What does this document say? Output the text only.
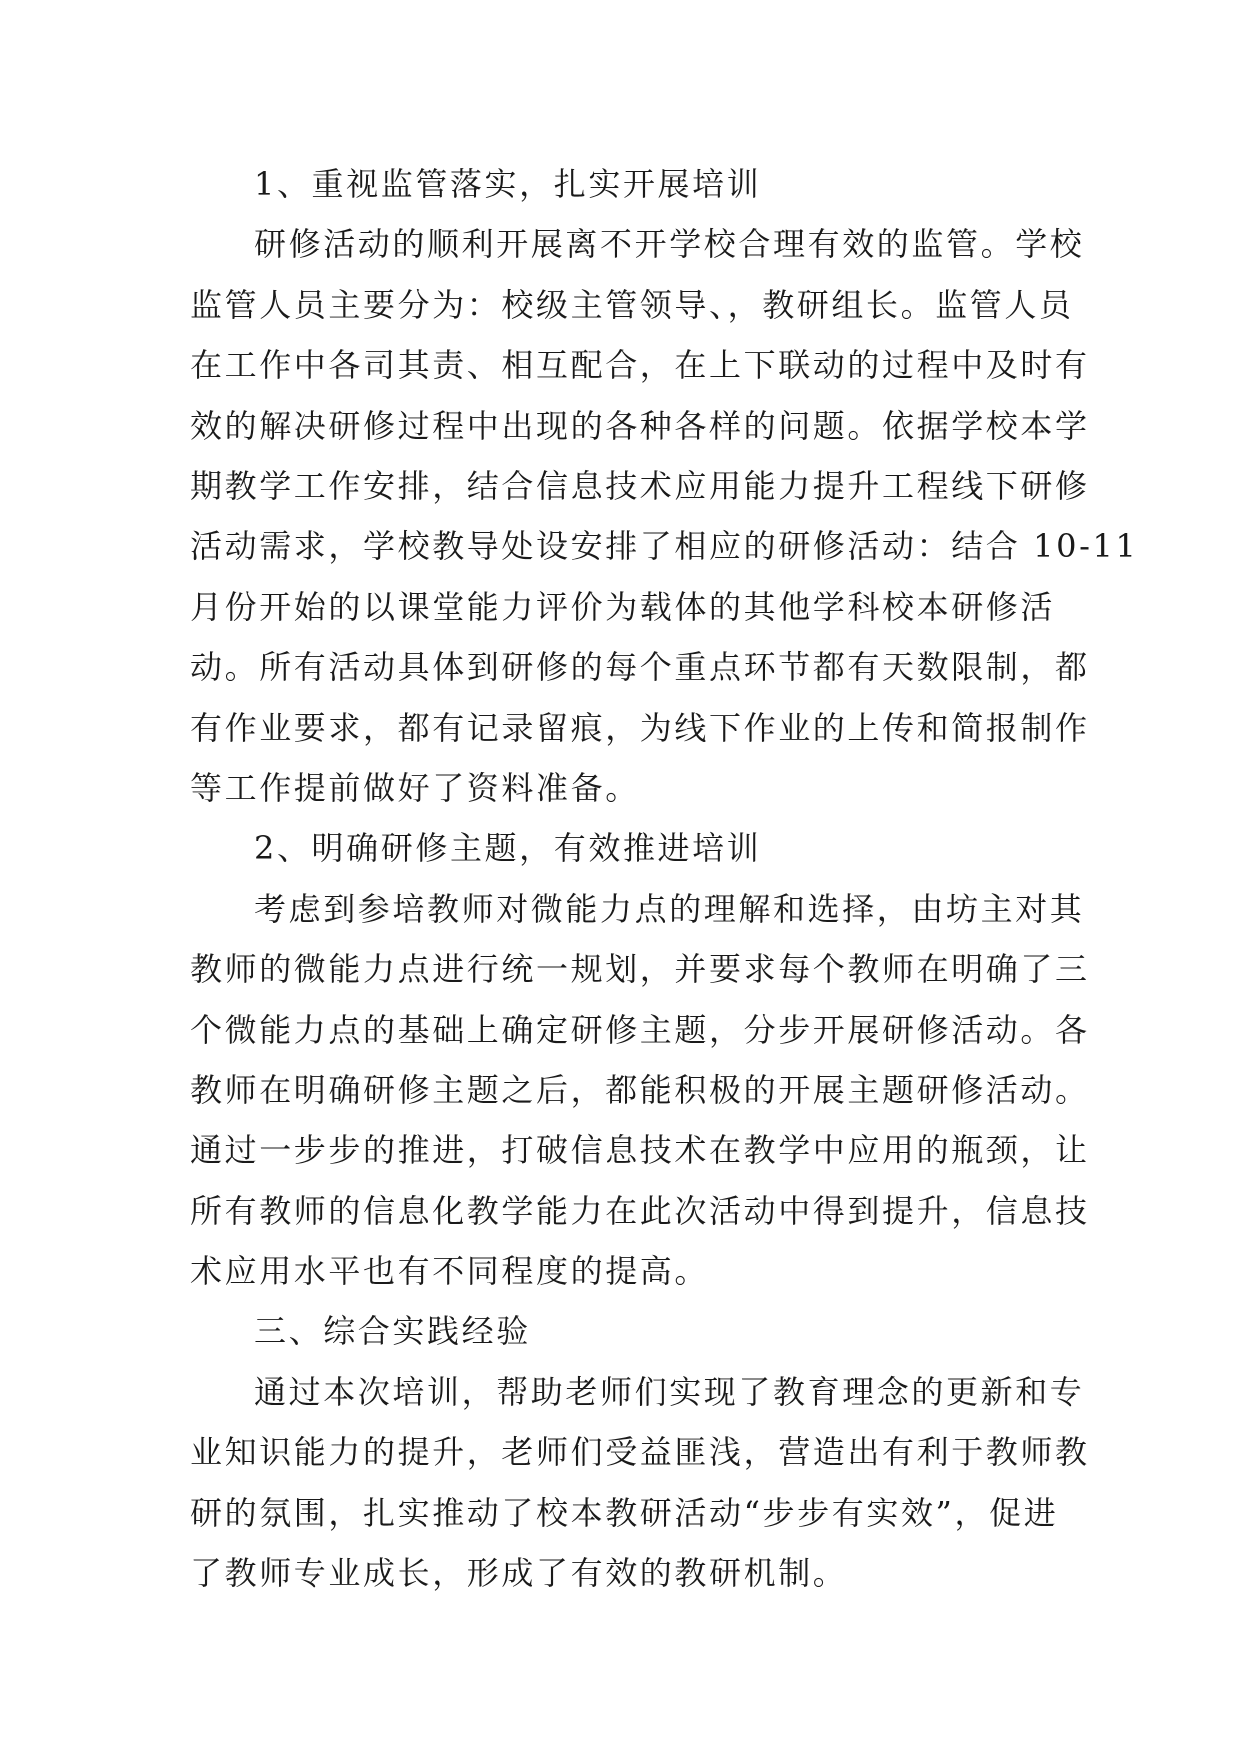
1、重视监管落实，扎实开展培训

研修活动的顺利开展离不开学校合理有效的监管。学校
监管人员主要分为：校级主管领导、，教研组长。监管人员
在工作中各司其责、相互配合，在上下联动的过程中及时有
效的解决研修过程中出现的各种各样的问题。依据学校本学
期教学工作安排，结合信息技术应用能力提升工程线下研修
活动需求，学校教导处设安排了相应的研修活动：结合 10-11
月份开始的以课堂能力评价为载体的其他学科校本研修活
动。所有活动具体到研修的每个重点环节都有天数限制，都
有作业要求，都有记录留痕，为线下作业的上传和简报制作
等工作提前做好了资料准备。

2、明确研修主题，有效推进培训

考虑到参培教师对微能力点的理解和选择，由坊主对其
教师的微能力点进行统一规划，并要求每个教师在明确了三
个微能力点的基础上确定研修主题，分步开展研修活动。各
教师在明确研修主题之后，都能积极的开展主题研修活动。
通过一步步的推进，打破信息技术在教学中应用的瓶颈，让
所有教师的信息化教学能力在此次活动中得到提升，信息技
术应用水平也有不同程度的提高。

三、综合实践经验

通过本次培训，帮助老师们实现了教育理念的更新和专
业知识能力的提升，老师们受益匪浅，营造出有利于教师教
研的氛围，扎实推动了校本教研活动“步步有实效”，促进
了教师专业成长，形成了有效的教研机制。
